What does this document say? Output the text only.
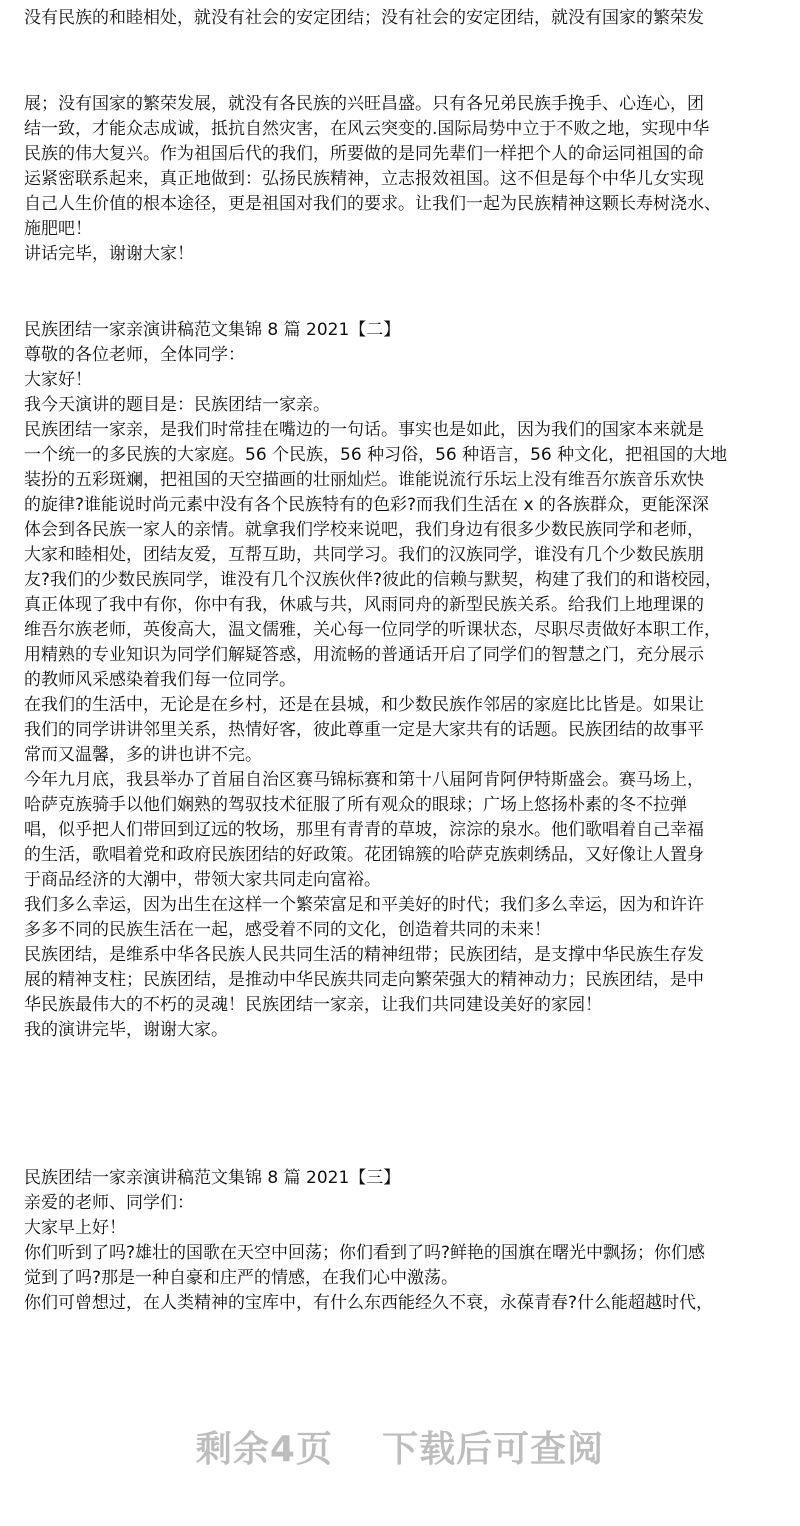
没有民族的和睦相处，就没有社会的安定团结；没有社会的安定团结，就没有国家的繁荣发
展；没有国家的繁荣发展，就没有各民族的兴旺昌盛。只有各兄弟民族手挽手、心连心，团
结一致，才能众志成诚，抵抗自然灾害，在风云突变的.国际局势中立于不败之地，实现中华
民族的伟大复兴。作为祖国后代的我们，所要做的是同先辈们一样把个人的命运同祖国的命
运紧密联系起来，真正地做到：弘扬民族精神，立志报效祖国。这不但是每个中华儿女实现
自己人生价值的根本途径，更是祖国对我们的要求。让我们一起为民族精神这颗长寿树浇水、
施肥吧！
讲话完毕，谢谢大家！
民族团结一家亲演讲稿范文集锦 8 篇 2021【二】
尊敬的各位老师，全体同学：
大家好！
我今天演讲的题目是：民族团结一家亲。
民族团结一家亲，是我们时常挂在嘴边的一句话。事实也是如此，因为我们的国家本来就是
一个统一的多民族的大家庭。56 个民族，56 种习俗，56 种语言，56 种文化，把祖国的大地
装扮的五彩斑斓，把祖国的天空描画的壮丽灿烂。谁能说流行乐坛上没有维吾尔族音乐欢快
的旋律?谁能说时尚元素中没有各个民族特有的色彩?而我们生活在 x 的各族群众，更能深深
体会到各民族一家人的亲情。就拿我们学校来说吧，我们身边有很多少数民族同学和老师，
大家和睦相处，团结友爱，互帮互助，共同学习。我们的汉族同学，谁没有几个少数民族朋
友?我们的少数民族同学，谁没有几个汉族伙伴?彼此的信赖与默契，构建了我们的和谐校园，
真正体现了我中有你，你中有我，休戚与共，风雨同舟的新型民族关系。给我们上地理课的
维吾尔族老师，英俊高大，温文儒雅，关心每一位同学的听课状态，尽职尽责做好本职工作，
用精熟的专业知识为同学们解疑答惑，用流畅的普通话开启了同学们的智慧之门，充分展示
的教师风采感染着我们每一位同学。
在我们的生活中，无论是在乡村，还是在县城，和少数民族作邻居的家庭比比皆是。如果让
我们的同学讲讲邻里关系，热情好客，彼此尊重一定是大家共有的话题。民族团结的故事平
常而又温馨，多的讲也讲不完。
今年九月底，我县举办了首届自治区赛马锦标赛和第十八届阿肯阿伊特斯盛会。赛马场上，
哈萨克族骑手以他们娴熟的驾驭技术征服了所有观众的眼球；广场上悠扬朴素的冬不拉弹
唱，似乎把人们带回到辽远的牧场，那里有青青的草坡，淙淙的泉水。他们歌唱着自己幸福
的生活，歌唱着党和政府民族团结的好政策。花团锦簇的哈萨克族刺绣品，又好像让人置身
于商品经济的大潮中，带领大家共同走向富裕。
我们多么幸运，因为出生在这样一个繁荣富足和平美好的时代；我们多么幸运，因为和许许
多多不同的民族生活在一起，感受着不同的文化，创造着共同的未来！
民族团结，是维系中华各民族人民共同生活的精神纽带；民族团结，是支撑中华民族生存发
展的精神支柱；民族团结，是推动中华民族共同走向繁荣强大的精神动力；民族团结，是中
华民族最伟大的不朽的灵魂！民族团结一家亲，让我们共同建设美好的家园！
我的演讲完毕，谢谢大家。
民族团结一家亲演讲稿范文集锦 8 篇 2021【三】
亲爱的老师、同学们：
大家早上好！
你们听到了吗?雄壮的国歌在天空中回荡；你们看到了吗?鲜艳的国旗在曙光中飘扬；你们感
觉到了吗?那是一种自豪和庄严的情感，在我们心中激荡。
你们可曾想过，在人类精神的宝库中，有什么东西能经久不衰，永葆青春?什么能超越时代，
剩余4页 下载后可查阅
